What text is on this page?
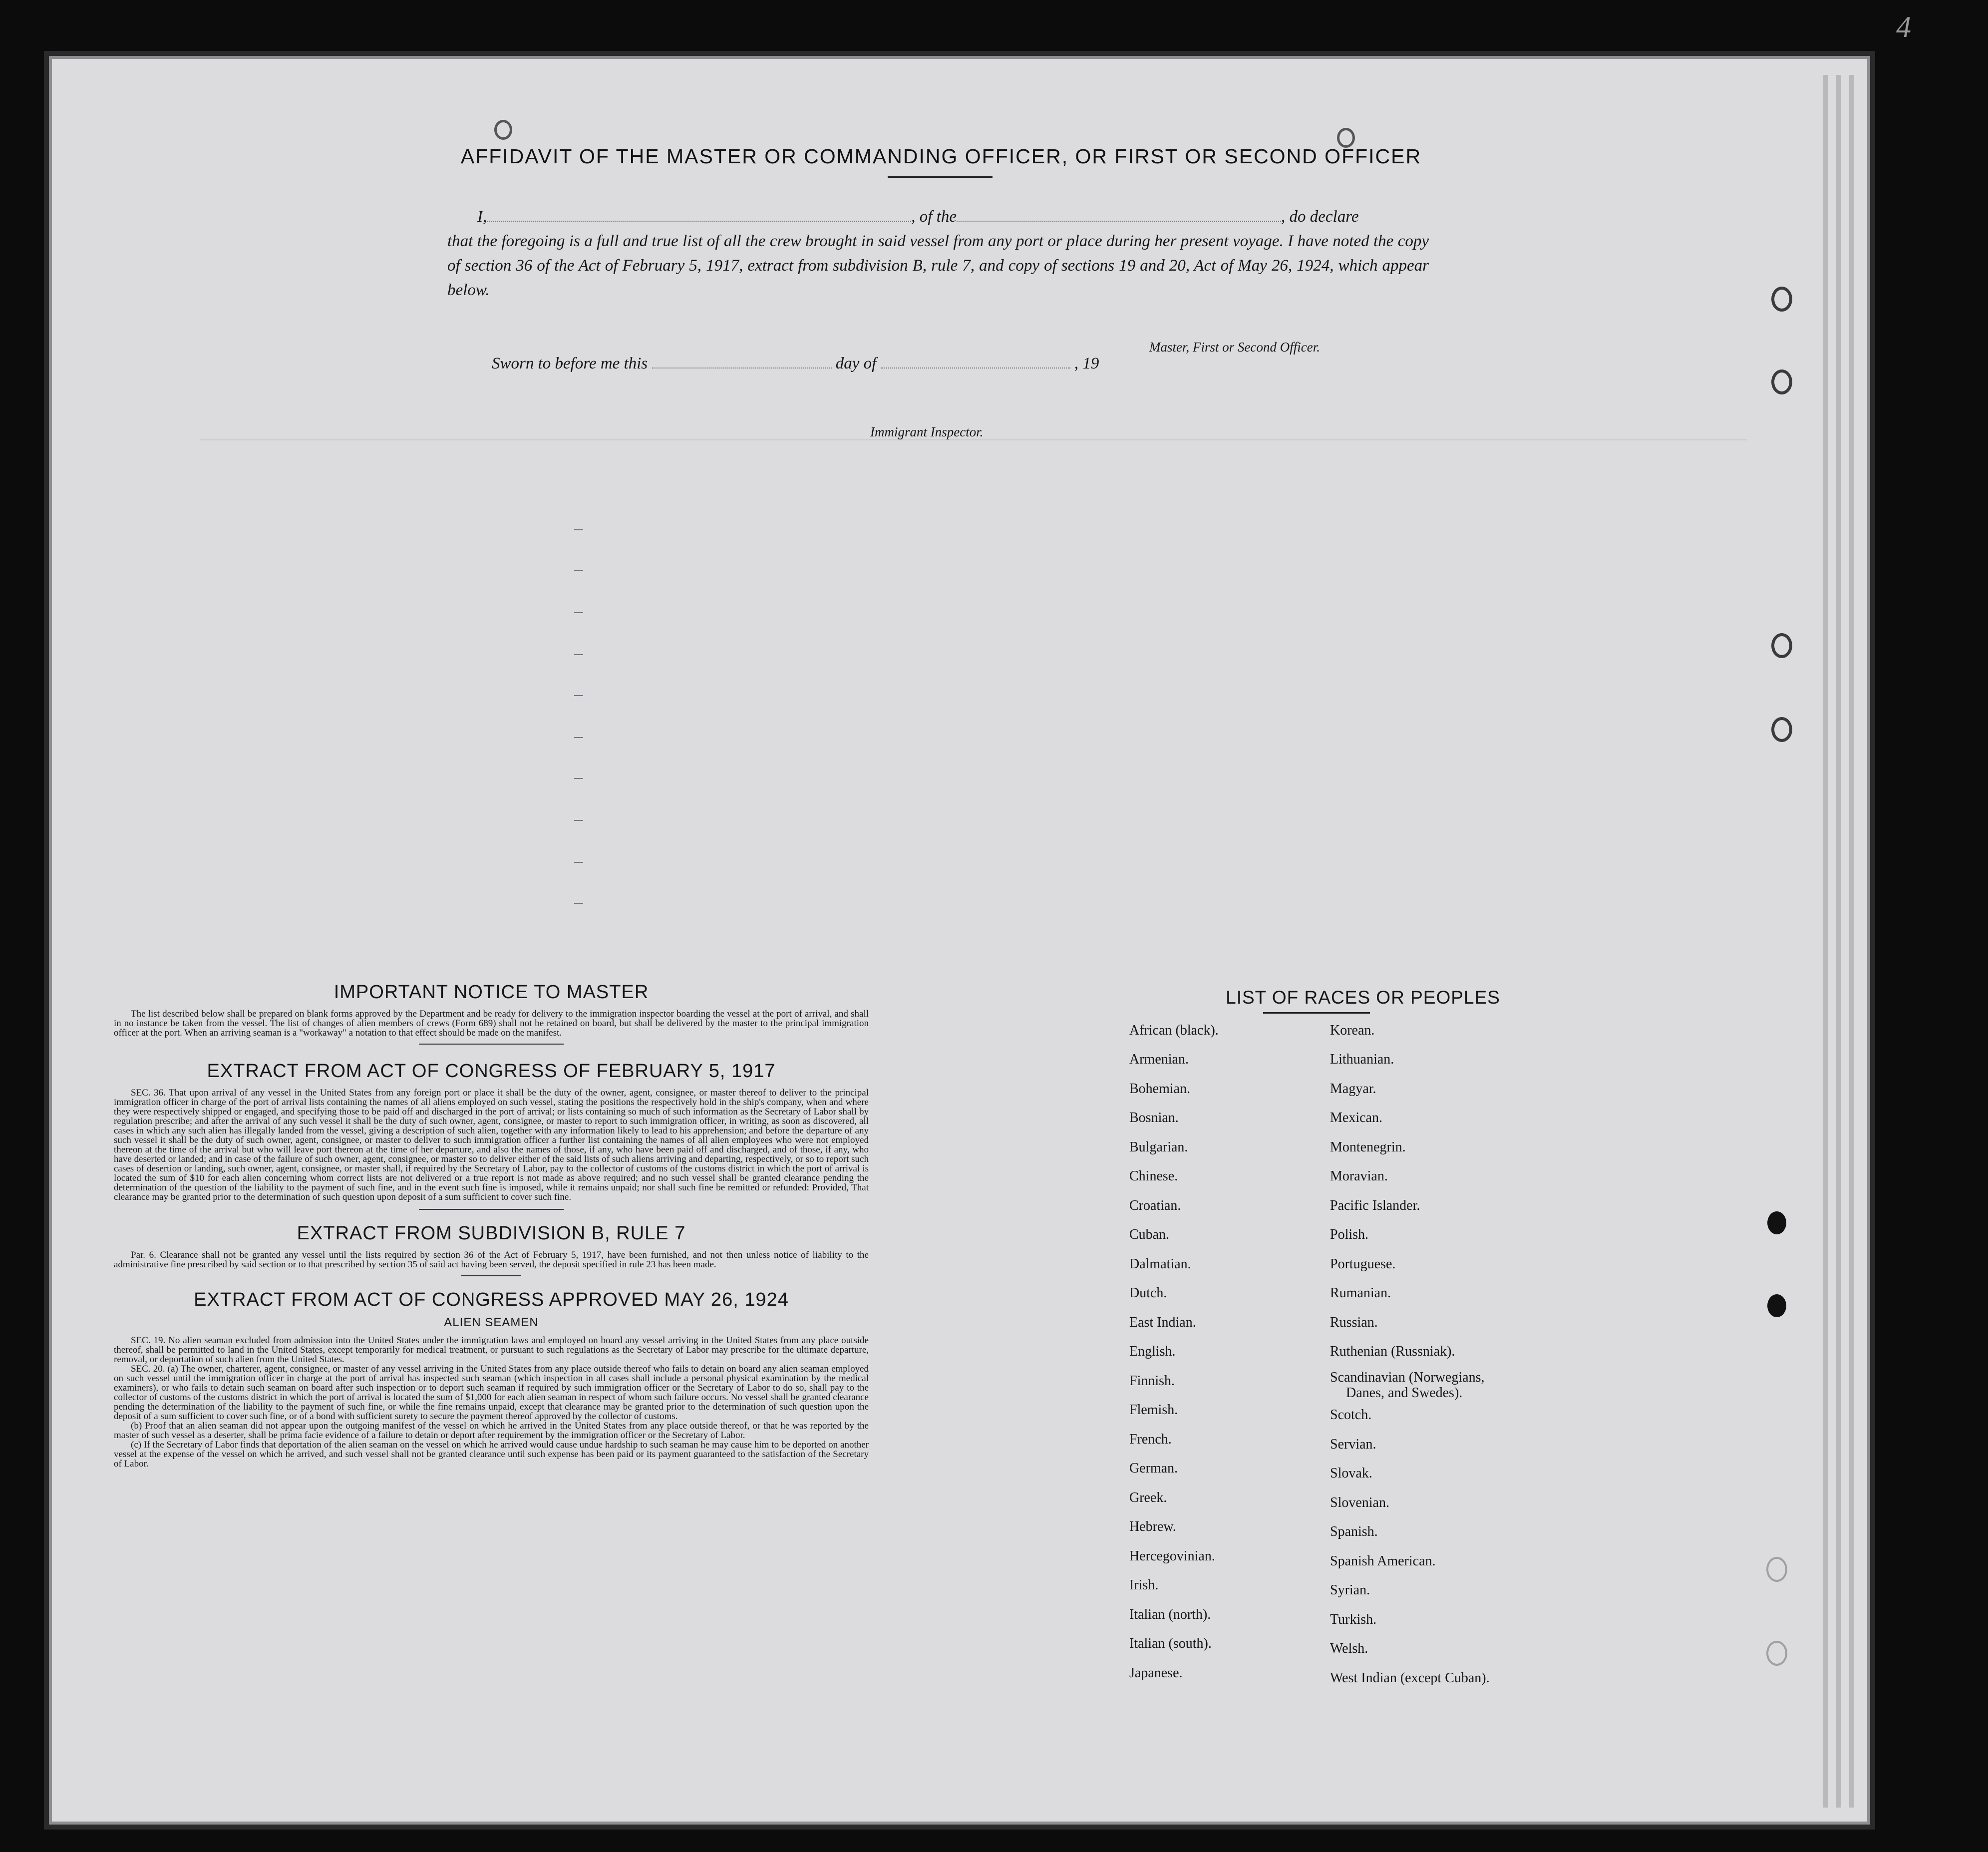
4
AFFIDAVIT OF THE MASTER OR COMMANDING OFFICER, OR FIRST OR SECOND OFFICER
I,	, of the	, do declare
that the foregoing is a full and true list of all the crew brought in said vessel from any port or place during her present voyage. I have noted the copy of section 36 of the Act of February 5, 1917, extract from subdivision B, rule 7, and copy of sections 19 and 20, Act of May 26, 1924, which appear below.
Master, First or Second Officer.
Sworn to before me this	day of	, 19
Immigrant Inspector.
IMPORTANT NOTICE TO MASTER

The list described below shall be prepared on blank forms approved by the Department and be ready for delivery to the immigration inspector boarding the vessel at the port of arrival, and shall in no instance be taken from the vessel. The list of changes of alien members of crews (Form 689) shall not be retained on board, but shall be delivered by the master to the principal immigration officer at the port. When an arriving seaman is a "workaway" a notation to that effect should be made on the manifest.

EXTRACT FROM ACT OF CONGRESS OF FEBRUARY 5, 1917

SEC. 36. That upon arrival of any vessel in the United States from any foreign port or place it shall be the duty of the owner, agent, consignee, or master thereof to deliver to the principal immigration officer in charge of the port of arrival lists containing the names of all aliens employed on such vessel, stating the positions the respectively hold in the ship's company, when and where they were respectively shipped or engaged, and specifying those to be paid off and discharged in the port of arrival; or lists containing so much of such information as the Secretary of Labor shall by regulation prescribe; and after the arrival of any such vessel it shall be the duty of such owner, agent, consignee, or master to report to such immigration officer, in writing, as soon as discovered, all cases in which any such alien has illegally landed from the vessel, giving a description of such alien, together with any information likely to lead to his apprehension; and before the departure of any such vessel it shall be the duty of such owner, agent, consignee, or master to deliver to such immigration officer a further list containing the names of all alien employees who were not employed thereon at the time of the arrival but who will leave port thereon at the time of her departure, and also the names of those, if any, who have been paid off and discharged, and of those, if any, who have deserted or landed; and in case of the failure of such owner, agent, consignee, or master so to deliver either of the said lists of such aliens arriving and departing, respectively, or so to report such cases of desertion or landing, such owner, agent, consignee, or master shall, if required by the Secretary of Labor, pay to the collector of customs of the customs district in which the port of arrival is located the sum of $10 for each alien concerning whom correct lists are not delivered or a true report is not made as above required; and no such vessel shall be granted clearance pending the determination of the question of the liability to the payment of such fine, and in the event such fine is imposed, while it remains unpaid; nor shall such fine be remitted or refunded: Provided, That clearance may be granted prior to the determination of such question upon deposit of a sum sufficient to cover such fine.

EXTRACT FROM SUBDIVISION B, RULE 7

Par. 6. Clearance shall not be granted any vessel until the lists required by section 36 of the Act of February 5, 1917, have been furnished, and not then unless notice of liability to the administrative fine prescribed by said section or to that prescribed by section 35 of said act having been served, the deposit specified in rule 23 has been made.

EXTRACT FROM ACT OF CONGRESS APPROVED MAY 26, 1924
ALIEN SEAMEN

SEC. 19. No alien seaman excluded from admission into the United States under the immigration laws and employed on board any vessel arriving in the United States from any place outside thereof, shall be permitted to land in the United States, except temporarily for medical treatment, or pursuant to such regulations as the Secretary of Labor may prescribe for the ultimate departure, removal, or deportation of such alien from the United States.

SEC. 20. (a) The owner, charterer, agent, consignee, or master of any vessel arriving in the United States from any place outside thereof who fails to detain on board any alien seaman employed on such vessel until the immigration officer in charge at the port of arrival has inspected such seaman (which inspection in all cases shall include a personal physical examination by the medical examiners), or who fails to detain such seaman on board after such inspection or to deport such seaman if required by such immigration officer or the Secretary of Labor to do so, shall pay to the collector of customs of the customs district in which the port of arrival is located the sum of $1,000 for each alien seaman in respect of whom such failure occurs. No vessel shall be granted clearance pending the determination of the liability to the payment of such fine, or while the fine remains unpaid, except that clearance may be granted prior to the determination of such question upon the deposit of a sum sufficient to cover such fine, or of a bond with sufficient surety to secure the payment thereof approved by the collector of customs.

(b) Proof that an alien seaman did not appear upon the outgoing manifest of the vessel on which he arrived in the United States from any place outside thereof, or that he was reported by the master of such vessel as a deserter, shall be prima facie evidence of a failure to detain or deport after requirement by the immigration officer or the Secretary of Labor.

(c) If the Secretary of Labor finds that deportation of the alien seaman on the vessel on which he arrived would cause undue hardship to such seaman he may cause him to be deported on another vessel at the expense of the vessel on which he arrived, and such vessel shall not be granted clearance until such expense has been paid or its payment guaranteed to the satisfaction of the Secretary of Labor.

LIST OF RACES OR PEOPLES
African (black).
Armenian.
Bohemian.
Bosnian.
Bulgarian.
Chinese.
Croatian.
Cuban.
Dalmatian.
Dutch.
East Indian.
English.
Finnish.
Flemish.
French.
German.
Greek.
Hebrew.
Hercegovinian.
Irish.
Italian (north).
Italian (south).
Japanese.
Korean.
Lithuanian.
Magyar.
Mexican.
Montenegrin.
Moravian.
Pacific Islander.
Polish.
Portuguese.
Rumanian.
Russian.
Ruthenian (Russniak).
Scandinavian (Norwegians,
Danes, and Swedes).
Scotch.
Servian.
Slovak.
Slovenian.
Spanish.
Spanish American.
Syrian.
Turkish.
Welsh.
West Indian (except Cuban).
